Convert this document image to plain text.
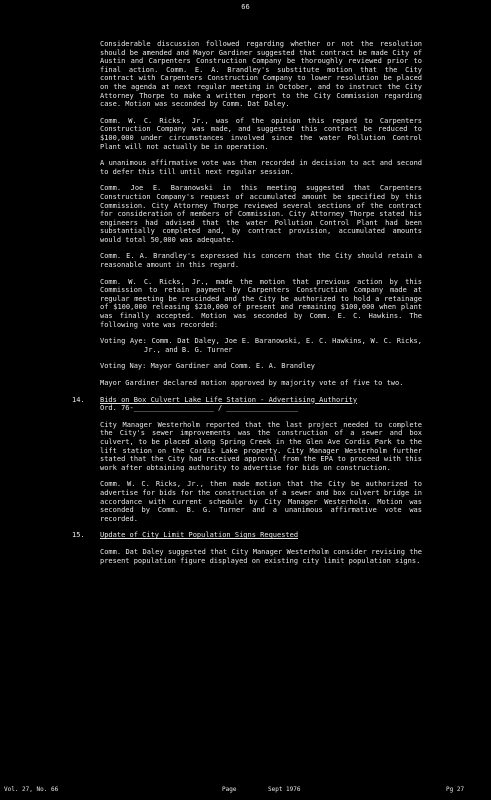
66

Considerable discussion followed regarding whether or not the resolution should be amended and Mayor Gardiner suggested that contract be made City of Austin and Carpenters Construction Company be thoroughly reviewed prior to final action. Comm. E. A. Brandley's substitute motion that the City contract with Carpenters Construction Company to lower resolution be placed on the agenda at next regular meeting in October, and to instruct the City Attorney Thorpe to make a written report to the City Commission regarding case. Motion was seconded by Comm. Dat Daley.

Comm. W. C. Ricks, Jr., was of the opinion this regard to Carpenters Construction Company was made, and suggested this contract be reduced to $100,000 under circumstances involved since the water Pollution Control Plant will not actually be in operation.

A unanimous affirmative vote was then recorded in decision to act and second to defer this till until next regular session.

Comm. Joe E. Baranowski in this meeting suggested that Carpenters Construction Company's request of accumulated amount be specified by this Commission. City Attorney Thorpe reviewed several sections of the contract for consideration of members of Commission. City Attorney Thorpe stated his engineers had advised that the water Pollution Control Plant had been substantially completed and, by contract provision, accumulated amounts would total 50,000 was adequate.

Comm. E. A. Brandley's expressed his concern that the City should retain a reasonable amount in this regard.

Comm. W. C. Ricks, Jr., made the motion that previous action by this Commission to retain payment by Carpenters Construction Company made at regular meeting be rescinded and the City be authorized to hold a retainage of $100,000 releasing $210,000 of present and remaining $100,000 when plant was finally accepted. Motion was seconded by Comm. E. C. Hawkins. The following vote was recorded:

Voting Aye: Comm. Dat Daley, Joe E. Baranowski, E. C. Hawkins, W. C. Ricks, Jr., and B. G. Turner
Voting Nay: Mayor Gardiner and Comm. E. A. Brandley

Mayor Gardiner declared motion approved by majority vote of five to two.

14. Bids on Box Culvert Lake Life Station - Advertising Authority
Ord. 76-___________________ / _________________

City Manager Westerholm reported that the last project needed to complete the City's sewer improvements was the construction of a sewer and box culvert, to be placed along Spring Creek in the Glen Ave Cordis Park to the lift station on the Cordis Lake property. City Manager Westerholm further stated that the City had received approval from the EPA to proceed with this work after obtaining authority to advertise for bids on construction.

Comm. W. C. Ricks, Jr., then made motion that the City be authorized to advertise for bids for the construction of a sewer and box culvert bridge in accordance with current schedule by City Manager Westerholm. Motion was seconded by Comm. B. G. Turner and a unanimous affirmative vote was recorded.

15. Update of City Limit Population Signs Requested

Comm. Dat Daley suggested that City Manager Westerholm consider revising the present population figure displayed on existing city limit population signs.

Vol. 27, No. 66	Page	Sept 1976	Pg 27
